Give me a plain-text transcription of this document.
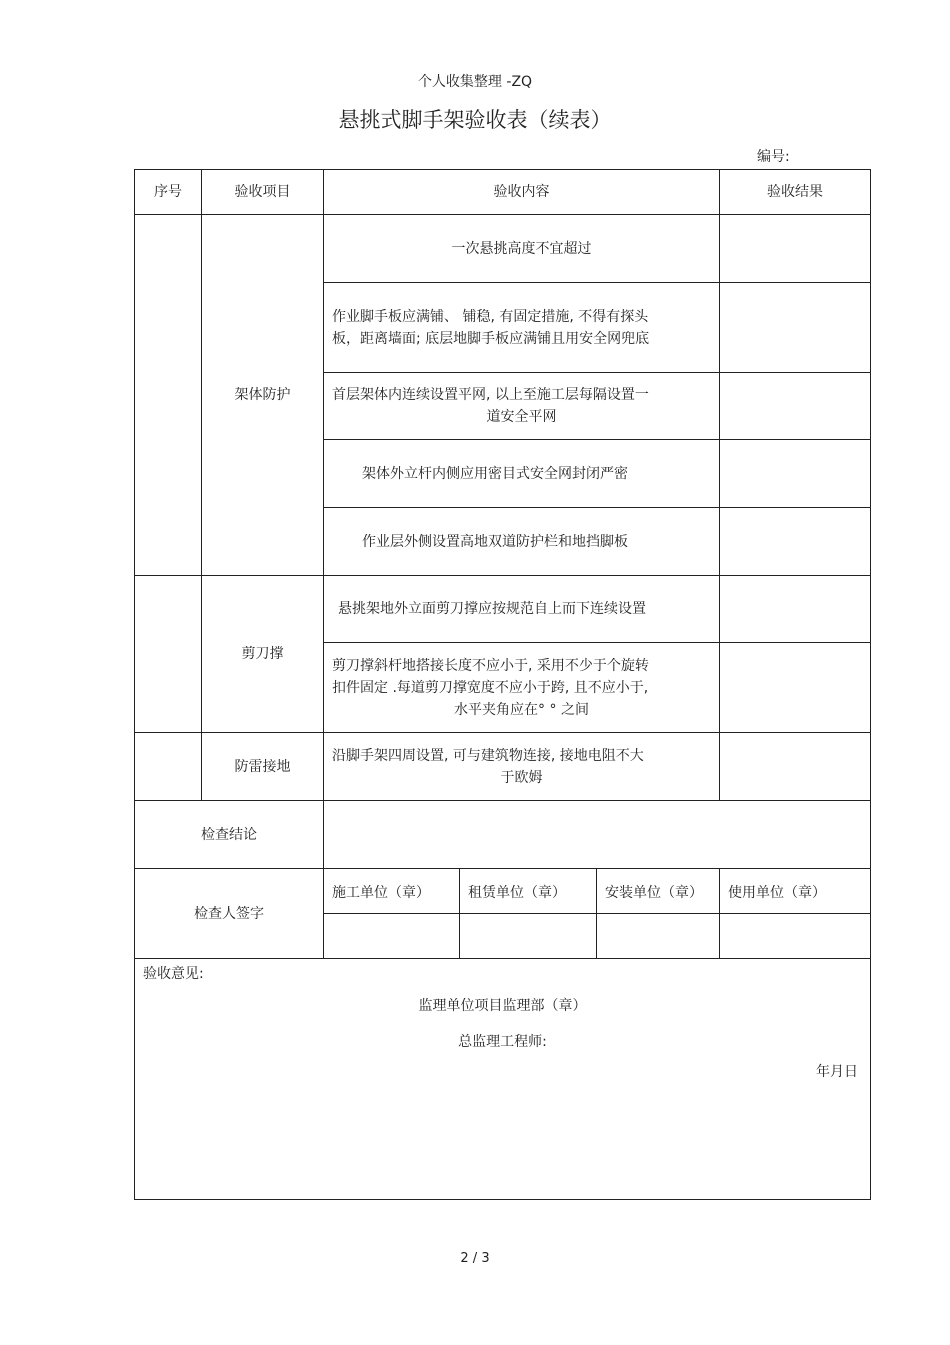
个人收集整理 -ZQ
悬挑式脚手架验收表（续表）
编号:
序号	验收项目	验收内容			验收结果
	架体防护	一次悬挑高度不宜超过			

		作业脚手板应满铺、 铺稳, 有固定措施, 不得有探头
板，距离墙面; 底层地脚手板应满铺且用安全网兜底			

		首层架体内连续设置平网, 以上至施工层每隔设置一
道安全平网			

		架体外立杆内侧应用密目式安全网封闭严密			
		作业层外侧设置高地双道防护栏和地挡脚板			
	剪刀撑	悬挑架地外立面剪刀撑应按规范自上而下连续设置			

		剪刀撑斜杆地搭接长度不应小于, 采用不少于个旋转
扣件固定 .每道剪刀撑宽度不应小于跨, 且不应小于,
水平夹角应在° ° 之间			

	防雷接地	沿脚手架四周设置, 可与建筑物连接, 接地电阻不大
于欧姆			

检查结论					
检查人签字		施工单位（章）	租赁单位（章）	安装单位（章）	使用单位（章）

验收意见:
监理单位项目监理部（章）
总监理工程师:
年月日					
2 / 3
